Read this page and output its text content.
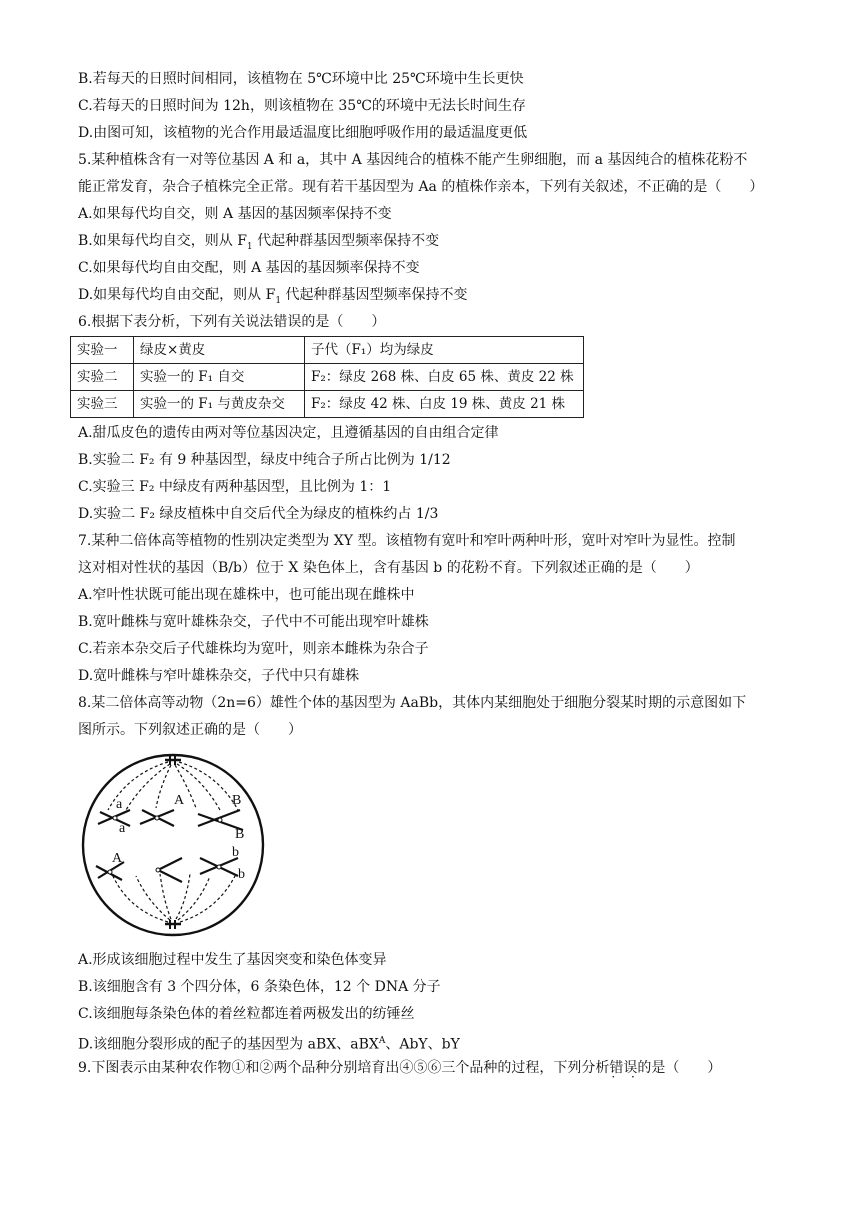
B.若每天的日照时间相同，该植物在 5℃环境中比 25℃环境中生长更快
C.若每天的日照时间为 12h，则该植物在 35℃的环境中无法长时间生存
D.由图可知，该植物的光合作用最适温度比细胞呼吸作用的最适温度更低
5.某种植株含有一对等位基因 A 和 a，其中 A 基因纯合的植株不能产生卵细胞，而 a 基因纯合的植株花粉不
能正常发育，杂合子植株完全正常。现有若干基因型为 Aa 的植株作亲本，下列有关叙述，不正确的是（　　）
A.如果每代均自交，则 A 基因的基因频率保持不变
B.如果每代均自交，则从 $F_1$ 代起种群基因型频率保持不变
C.如果每代均自由交配，则 A 基因的基因频率保持不变
D.如果每代均自由交配，则从 $F_1$ 代起种群基因型频率保持不变
6.根据下表分析，下列有关说法错误的是（　　）
实验一	绿皮×黄皮	子代（F₁）均为绿皮
实验二	实验一的 F₁ 自交	F₂：绿皮 268 株、白皮 65 株、黄皮 22 株
实验三	实验一的 F₁ 与黄皮杂交	F₂：绿皮 42 株、白皮 19 株、黄皮 21 株
A.甜瓜皮色的遗传由两对等位基因决定，且遵循基因的自由组合定律
B.实验二 F₂ 有 9 种基因型，绿皮中纯合子所占比例为 1/12
C.实验三 F₂ 中绿皮有两种基因型，且比例为 1：1
D.实验二 F₂ 绿皮植株中自交后代全为绿皮的植株约占 1/3
7.某种二倍体高等植物的性别决定类型为 XY 型。该植物有宽叶和窄叶两种叶形，宽叶对窄叶为显性。控制
这对相对性状的基因（B/b）位于 X 染色体上，含有基因 b 的花粉不育。下列叙述正确的是（　　）
A.窄叶性状既可能出现在雄株中，也可能出现在雌株中
B.宽叶雌株与宽叶雄株杂交，子代中不可能出现窄叶雄株
C.若亲本杂交后子代雄株均为宽叶，则亲本雌株为杂合子
D.宽叶雌株与窄叶雄株杂交，子代中只有雄株
8.某二倍体高等动物（2n=6）雄性个体的基因型为 AaBb，其体内某细胞处于细胞分裂某时期的示意图如下
图所示。下列叙述正确的是（　　）
a
a
A	B
B
A	b
b
A.形成该细胞过程中发生了基因突变和染色体变异
B.该细胞含有 3 个四分体，6 条染色体，12 个 DNA 分子
C.该细胞每条染色体的着丝粒都连着两极发出的纺锤丝
D.该细胞分裂形成的配子的基因型为 aBX、aBX$^A$、AbY、bY
9.下图表示由某种农作物①和②两个品种分别培育出④⑤⑥三个品种的过程，下列分析错误 · ·的是（　　）
